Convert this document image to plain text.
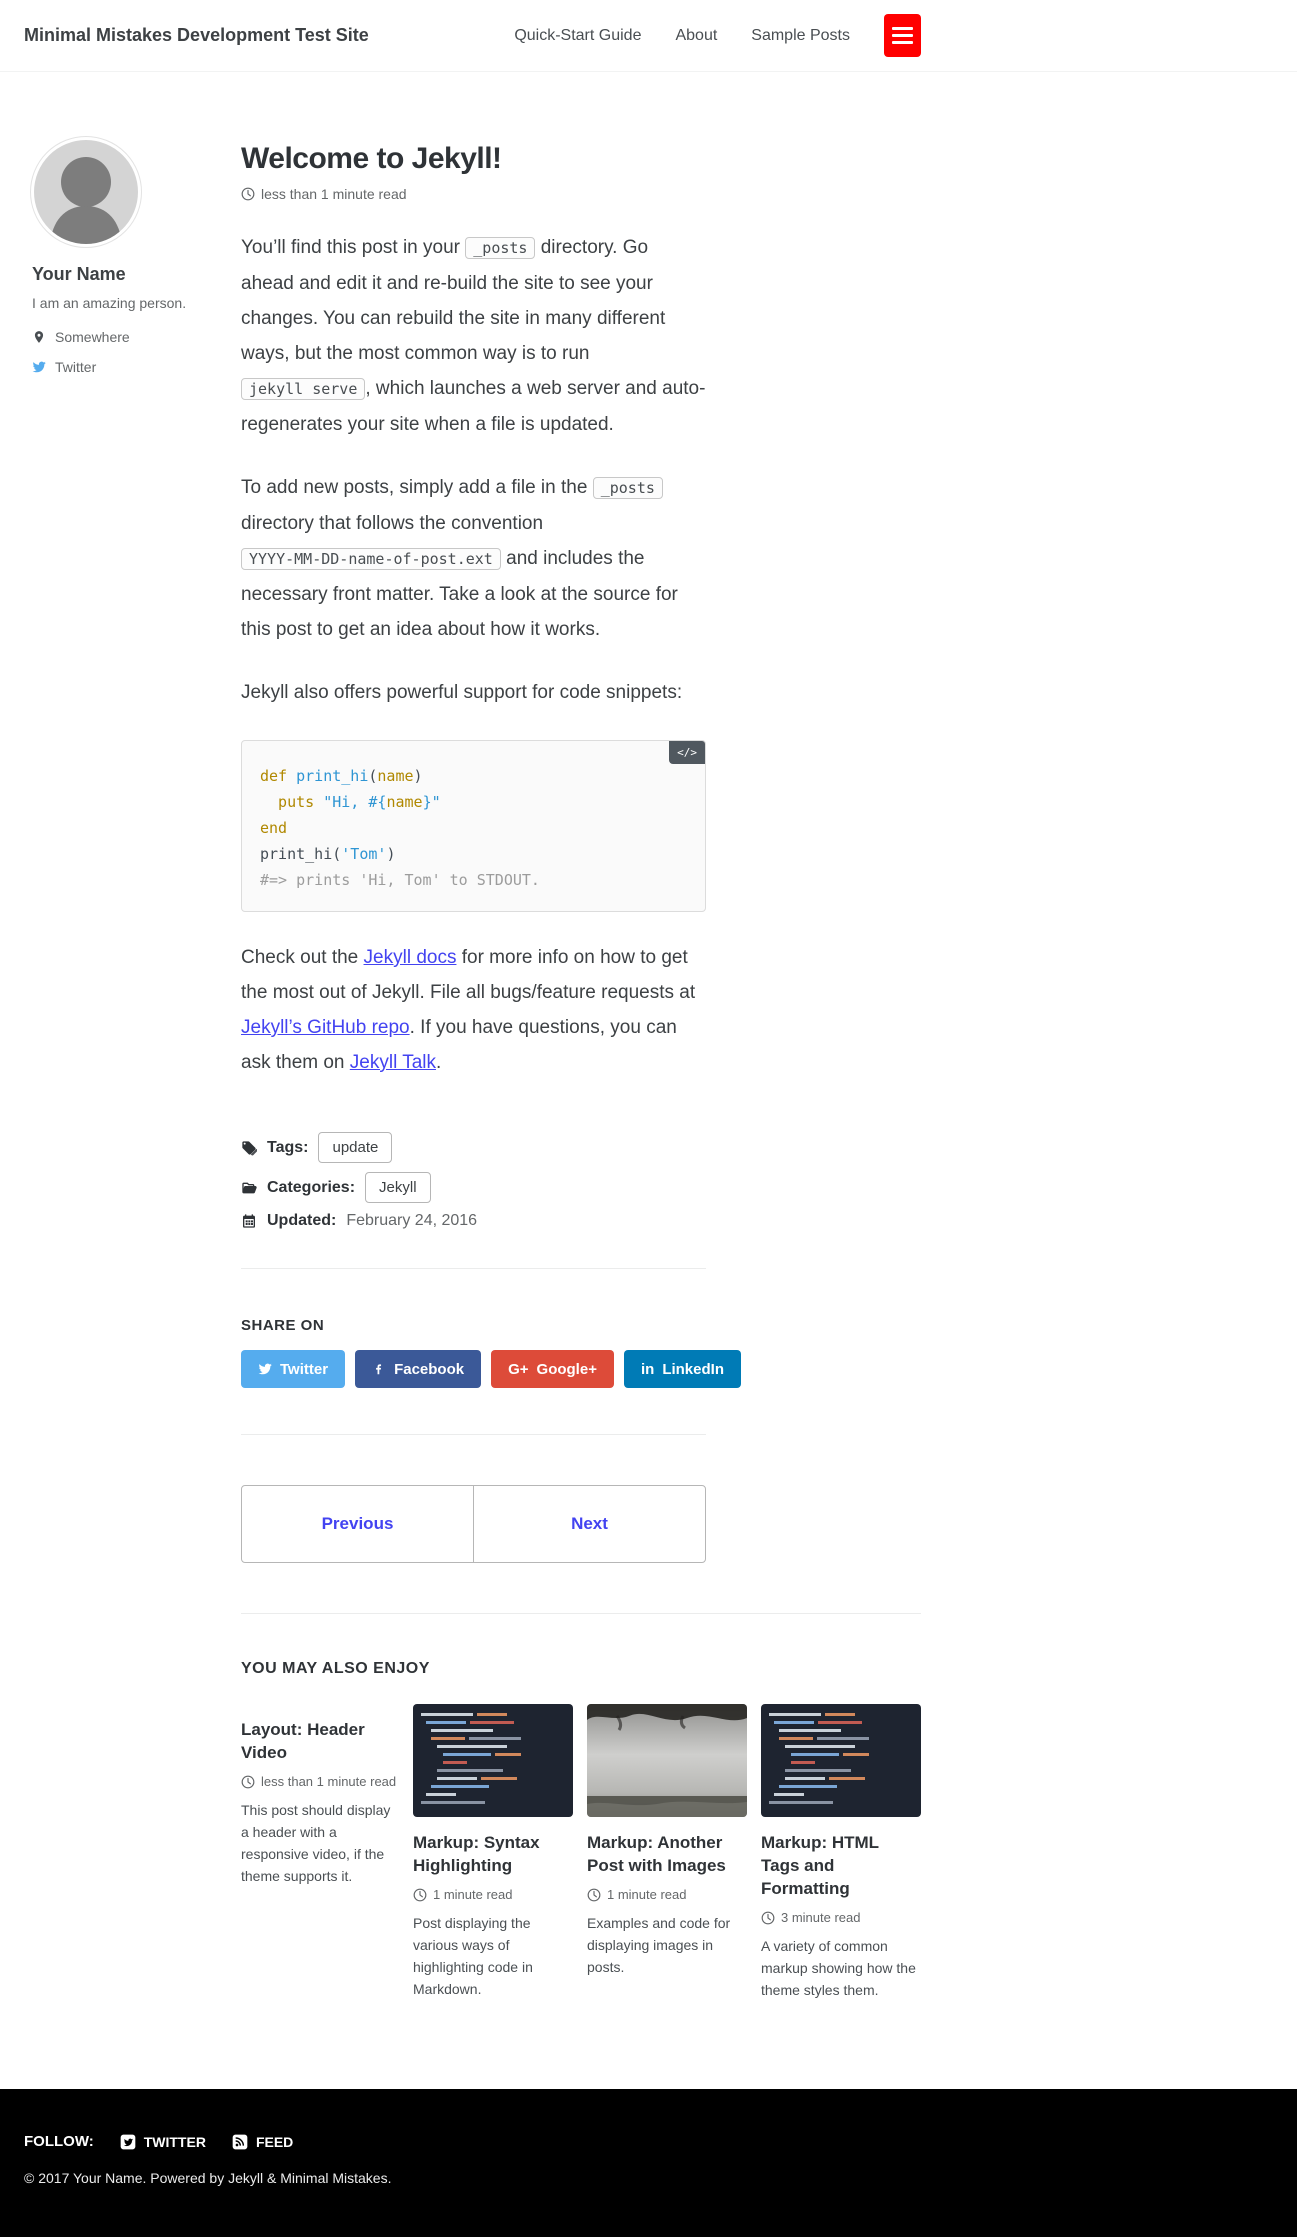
Minimal Mistakes Development Test Site	Quick-Start Guide About Sample Posts
Your Name

I am an amazing person.

Somewhere
Twitter
Welcome to Jekyll!
less than 1 minute read

You’ll find this post in your _posts directory. Go ahead and edit it and re-build the site to see your changes. You can rebuild the site in many different ways, but the most common way is to run jekyll serve , which launches a web server and auto-regenerates your site when a file is updated.

To add new posts, simply add a file in the _posts directory that follows the convention YYYY-MM-DD-name-of-post.ext and includes the necessary front matter. Take a look at the source for this post to get an idea about how it works.

Jekyll also offers powerful support for code snippets:

</>
def print_hi(name)
puts "Hi, #{name}"
end
print_hi('Tom')
#=> prints 'Hi, Tom' to STDOUT.

Check out the Jekyll docs for more info on how to get the most out of Jekyll. File all bugs/feature requests at Jekyll’s GitHub repo. If you have questions, you can ask them on Jekyll Talk.

Tags:	update
Categories:	Jekyll
Updated: February 24, 2016
SHARE ON
Twitter	Facebook	G+ Google+	in LinkedIn
Previous	Next
YOU MAY ALSO ENJOY
Layout: Header Video
less than 1 minute read

This post should display a header with a responsive video, if the theme supports it.

Markup: Syntax Highlighting
1 minute read

Post displaying the various ways of highlighting code in Markdown.

Markup: Another Post with Images
1 minute read

Examples and code for displaying images in posts.

Markup: HTML Tags and Formatting
3 minute read

A variety of common markup showing how the theme styles them.

FOLLOW:	TWITTER	FEED
© 2017 Your Name. Powered by Jekyll & Minimal Mistakes.
